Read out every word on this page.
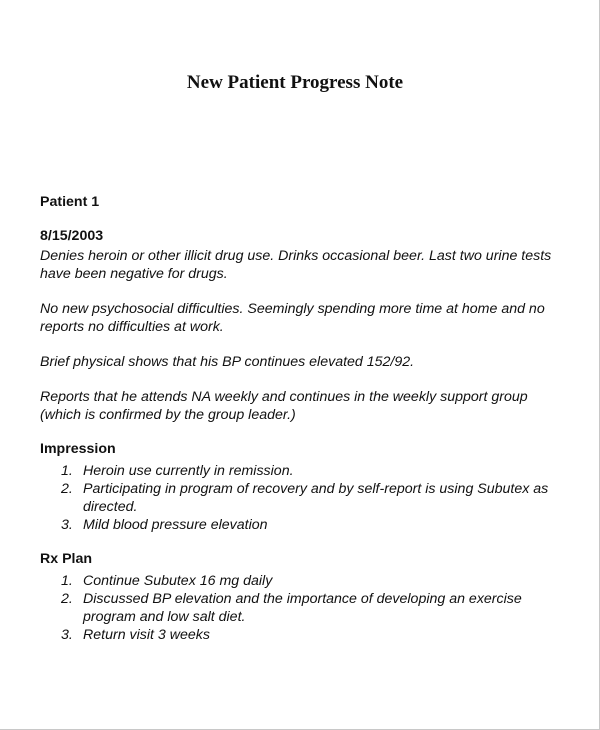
New Patient Progress Note
Patient 1
8/15/2003

Denies heroin or other illicit drug use. Drinks occasional beer. Last two urine tests have been negative for drugs.

No new psychosocial difficulties. Seemingly spending more time at home and no reports no difficulties at work.

Brief physical shows that his BP continues elevated 152/92.

Reports that he attends NA weekly and continues in the weekly support group (which is confirmed by the group leader.)

Impression
1. Heroin use currently in remission.
2. Participating in program of recovery and by self-report is using Subutex as directed.
3. Mild blood pressure elevation
Rx Plan
1. Continue Subutex 16 mg daily
2. Discussed BP elevation and the importance of developing an exercise program and low salt diet.
3. Return visit 3 weeks
